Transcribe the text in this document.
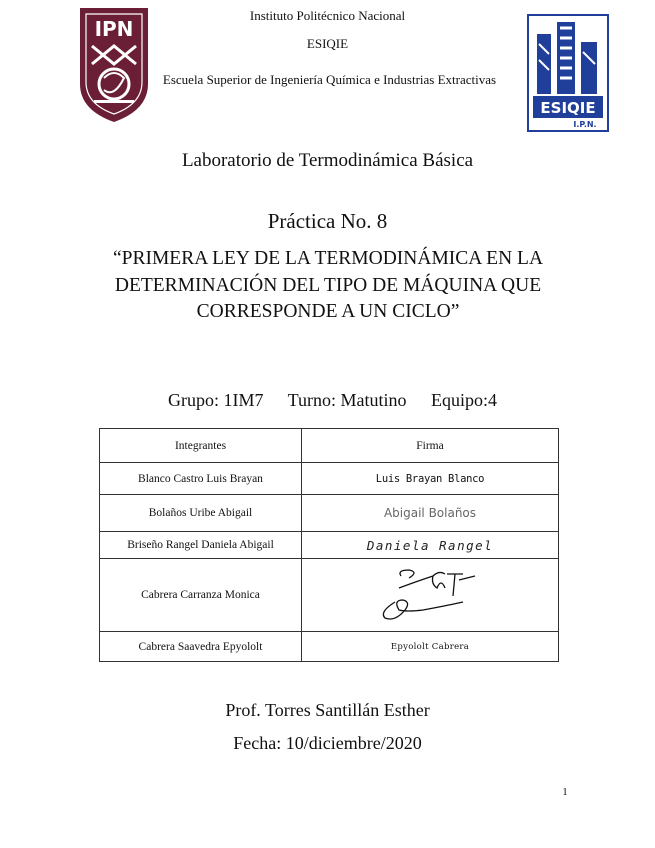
IPN
ESIQIE
I.P.N.
Instituto Politécnico Nacional
ESIQIE
Escuela Superior de Ingeniería Química e Industrias Extractivas
Laboratorio de Termodinámica Básica
Práctica No. 8
“PRIMERA LEY DE LA TERMODINÁMICA EN LA DETERMINACIÓN DEL TIPO DE MÁQUINA QUE CORRESPONDE A UN CICLO”
Grupo: 1IM7 Turno: Matutino Equipo:4
Integrantes	Firma
Blanco Castro Luis Brayan	Luis Brayan Blanco
Bolaños Uribe Abigail	Abigail Bolaños
Briseño Rangel Daniela Abigail	Daniela Rangel
Cabrera Carranza Monica	
Cabrera Saavedra Epyololt	Epyololt Cabrera
Prof. Torres Santillán Esther
Fecha: 10/diciembre/2020
1
